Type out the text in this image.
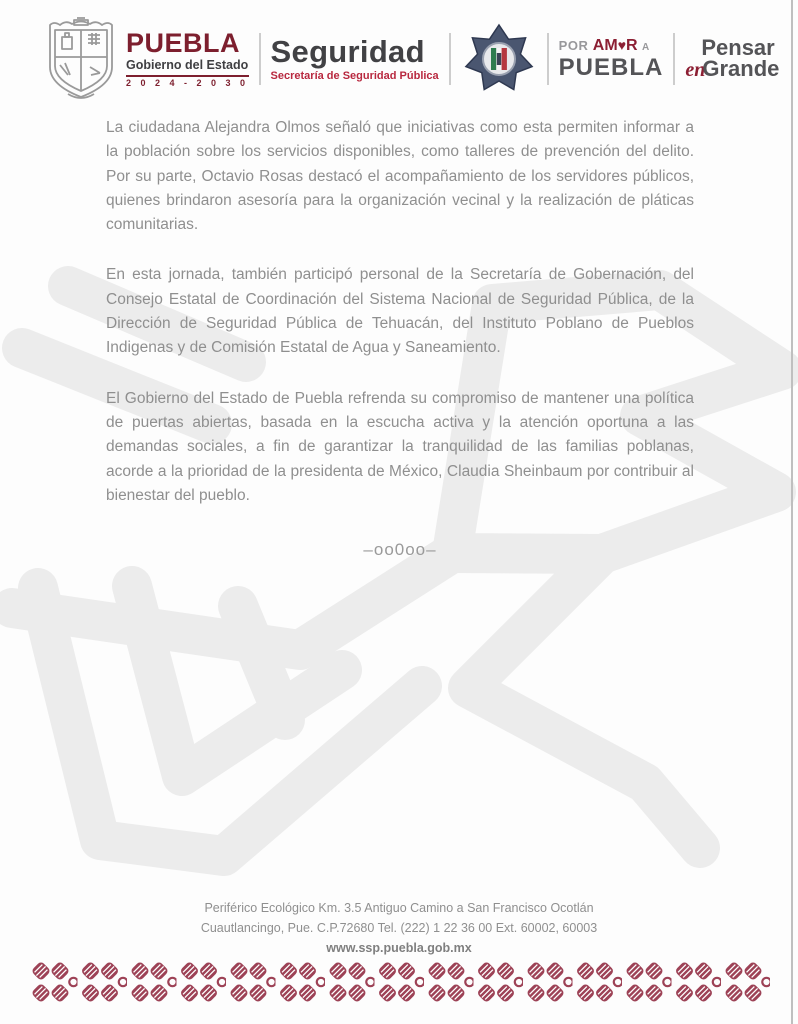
PUEBLA
Gobierno del Estado
2 0 2 4 - 2 0 3 0
Seguridad
Secretaría de Seguridad Pública
POR AM♥R A
PUEBLA
Pensar
enGrande

La ciudadana Alejandra Olmos señaló que iniciativas como esta permiten informar a la población sobre los servicios disponibles, como talleres de prevención del delito. Por su parte, Octavio Rosas destacó el acompañamiento de los servidores públicos, quienes brindaron asesoría para la organización vecinal y la realización de pláticas comunitarias.

En esta jornada, también participó personal de la Secretaría de Gobernación, del Consejo Estatal de Coordinación del Sistema Nacional de Seguridad Pública, de la Dirección de Seguridad Pública de Tehuacán, del Instituto Poblano de Pueblos Indigenas y de Comisión Estatal de Agua y Saneamiento.

El Gobierno del Estado de Puebla refrenda su compromiso de mantener una política de puertas abiertas, basada en la escucha activa y la atención oportuna a las demandas sociales, a fin de garantizar la tranquilidad de las familias poblanas, acorde a la prioridad de la presidenta de México, Claudia Sheinbaum por contribuir al bienestar del pueblo.

–oo0oo–
Periférico Ecológico Km. 3.5 Antiguo Camino a San Francisco Ocotlán
Cuautlancingo, Pue. C.P.72680 Tel. (222) 1 22 36 00 Ext. 60002, 60003
www.ssp.puebla.gob.mx
